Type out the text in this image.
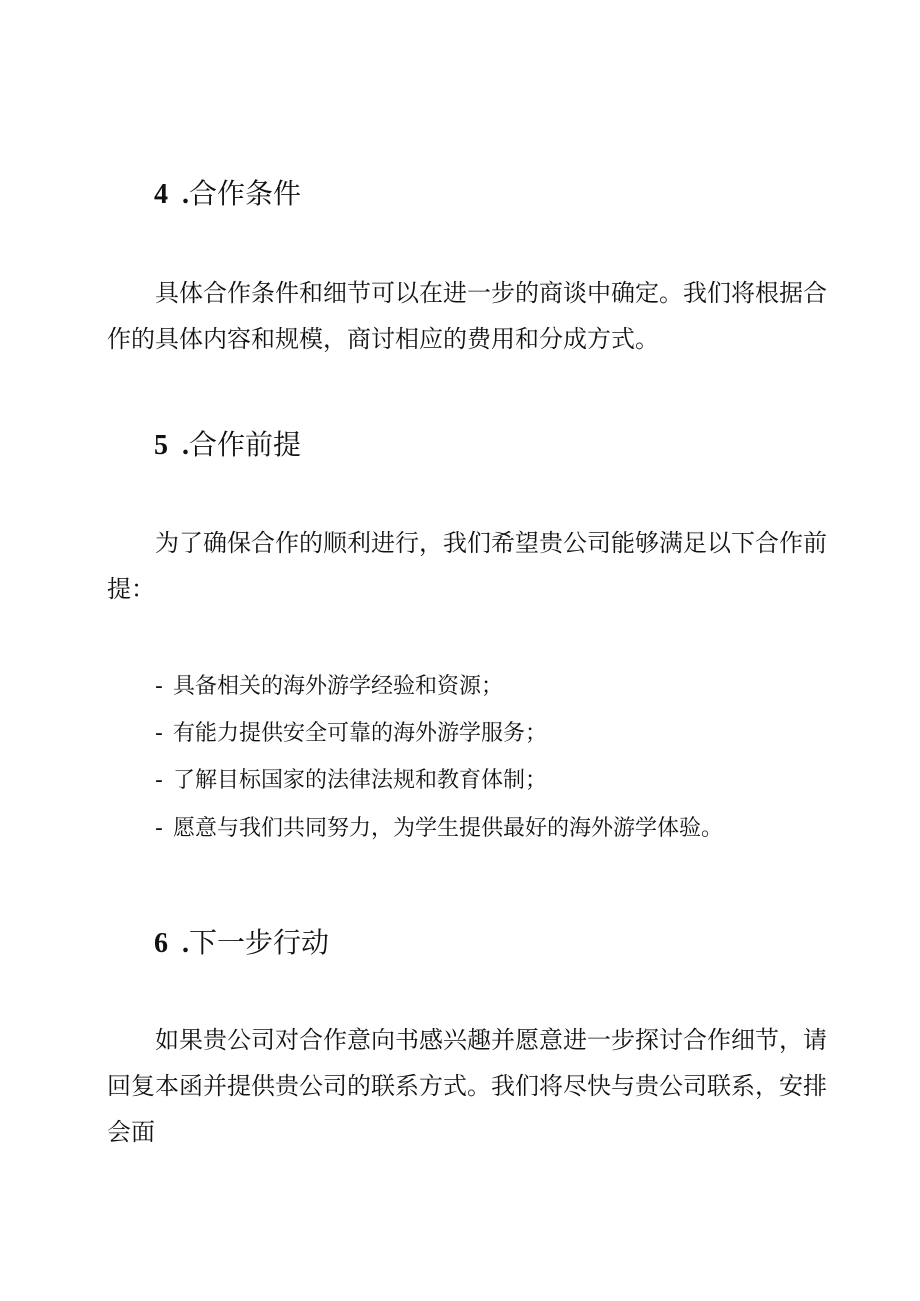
4 .合作条件

具体合作条件和细节可以在进一步的商谈中确定。我们将根据合作的具体内容和规模，商讨相应的费用和分成方式。

5 .合作前提

为了确保合作的顺利进行，我们希望贵公司能够满足以下合作前提：

- 具备相关的海外游学经验和资源；
- 有能力提供安全可靠的海外游学服务；
- 了解目标国家的法律法规和教育体制；
- 愿意与我们共同努力，为学生提供最好的海外游学体验。
6 .下一步行动

如果贵公司对合作意向书感兴趣并愿意进一步探讨合作细节，请回复本函并提供贵公司的联系方式。我们将尽快与贵公司联系，安排会面
